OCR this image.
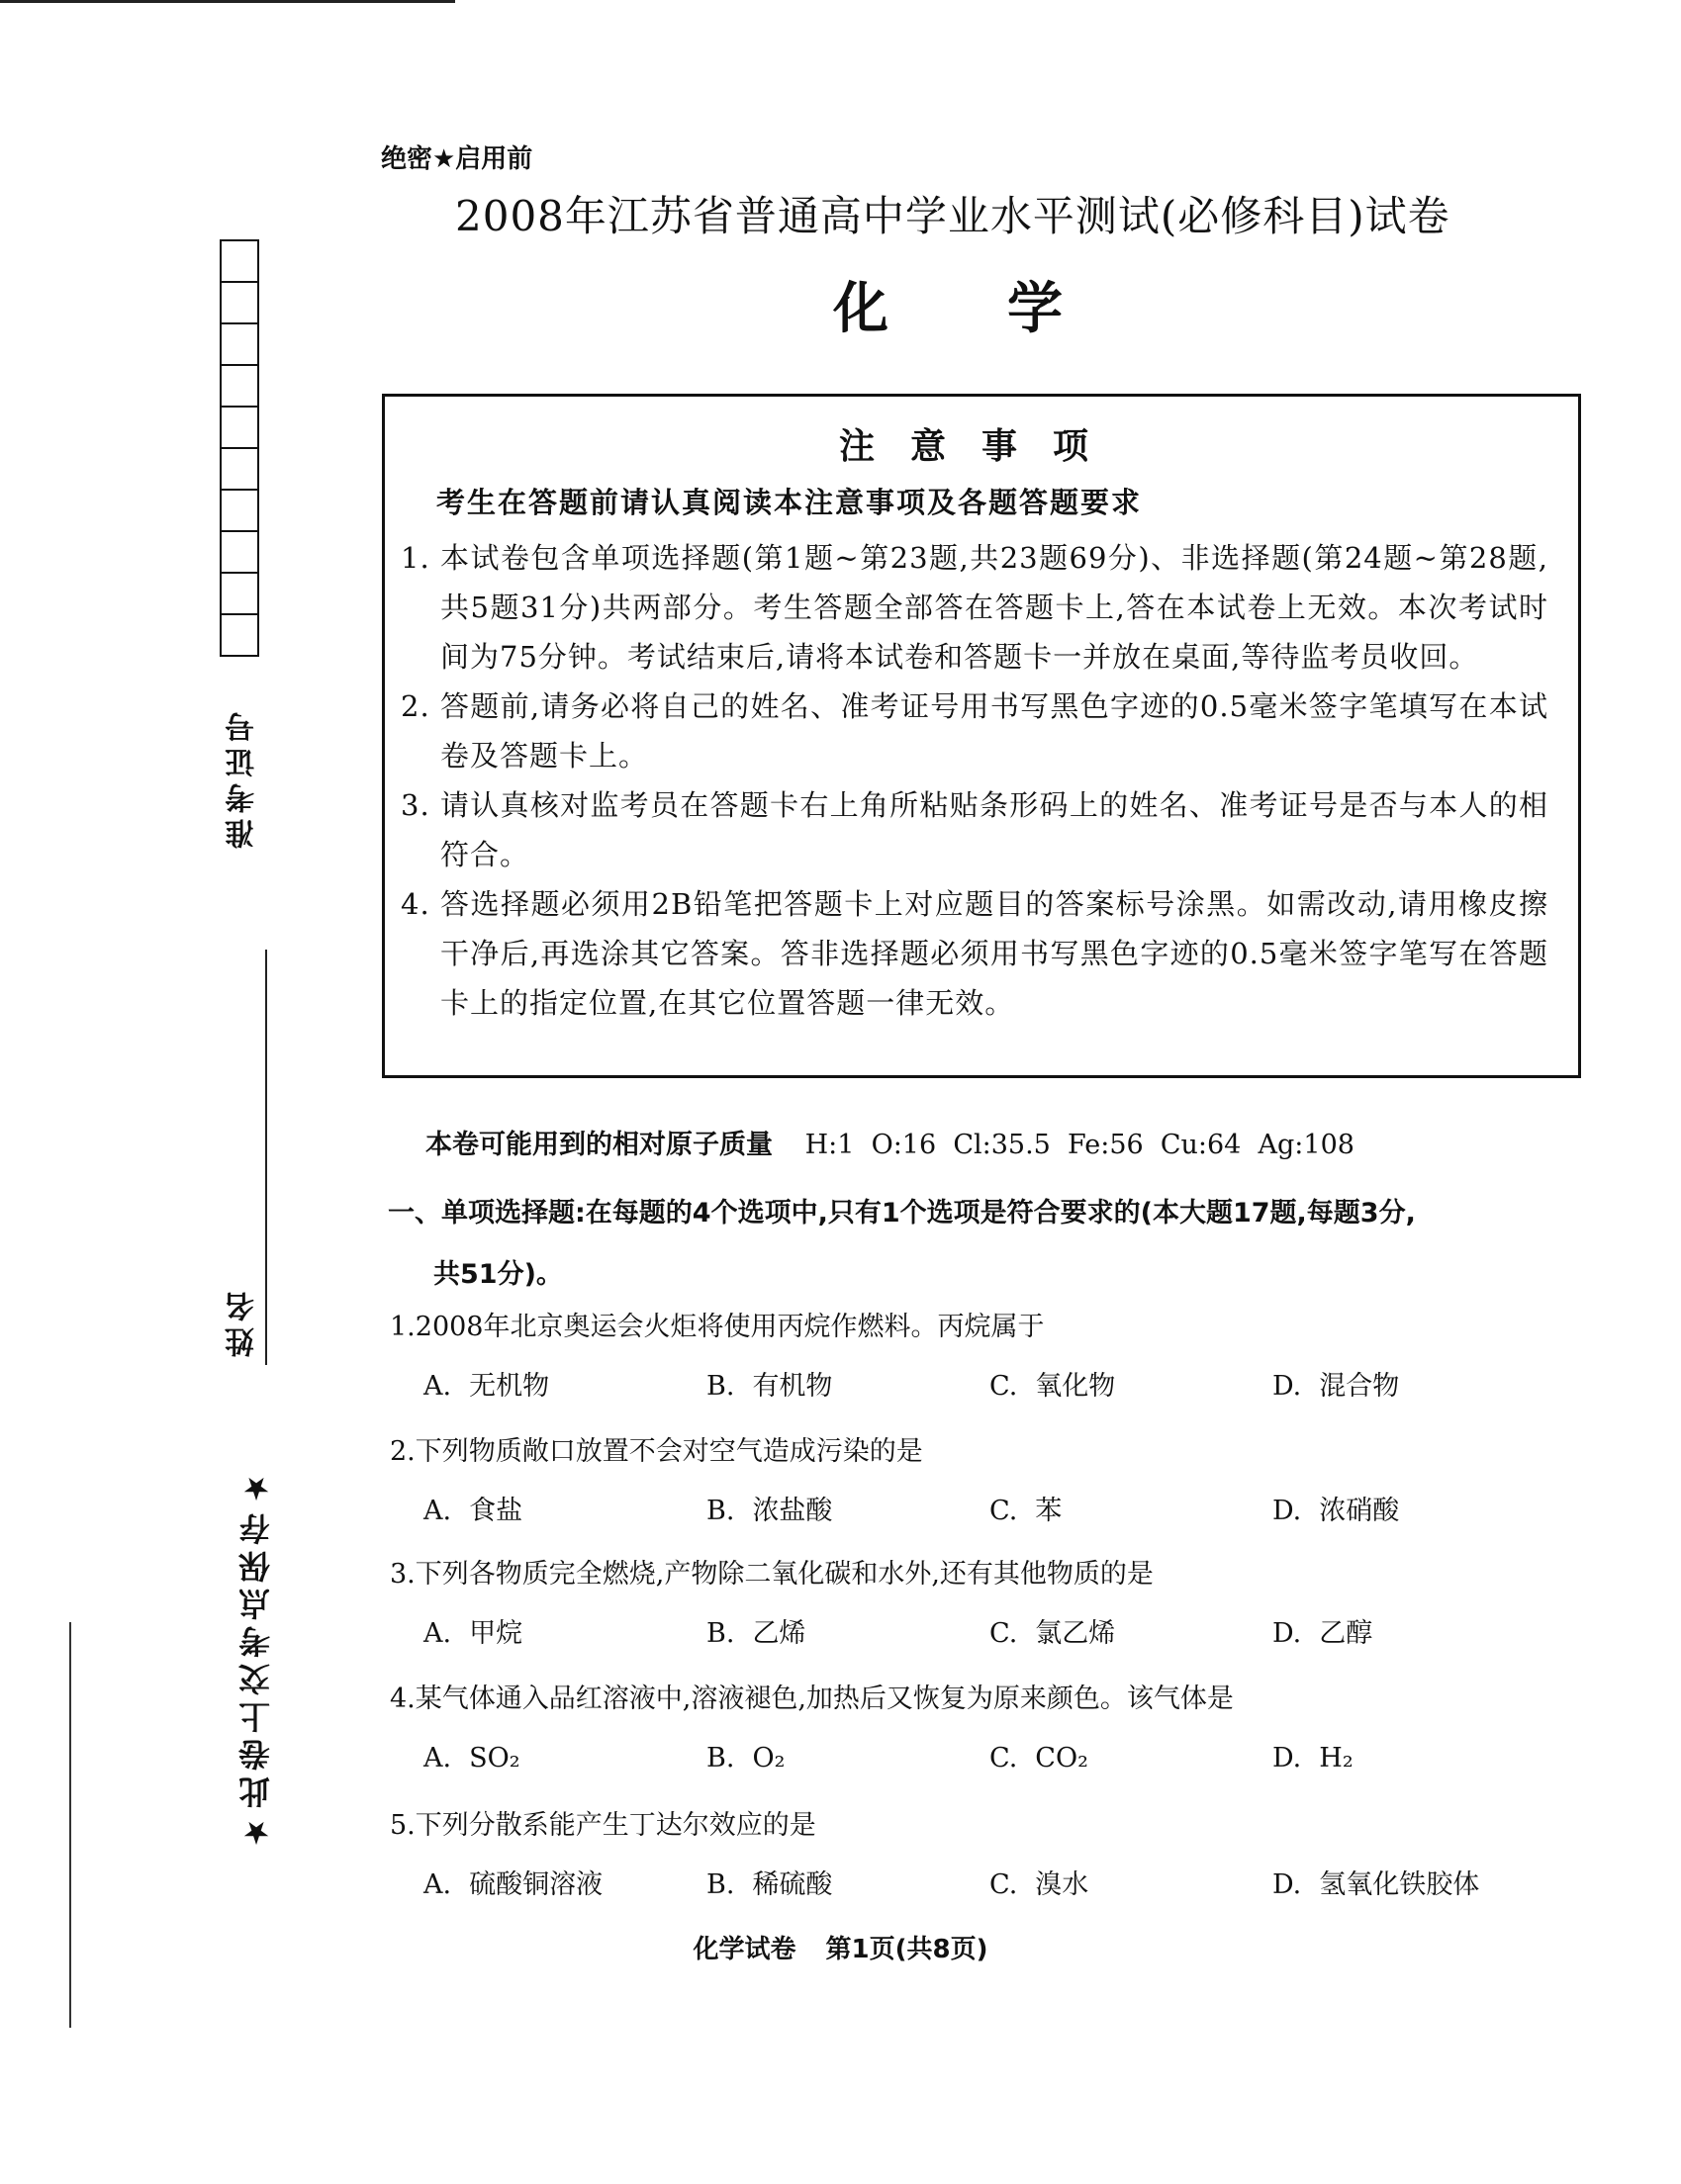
准考证号
姓名
★此卷上交考点保存★
绝密★启用前
2008年江苏省普通高中学业水平测试(必修科目)试卷
化学
注意事项
考生在答题前请认真阅读本注意事项及各题答题要求
1. 本试卷包含单项选择题(第1题~第23题,共23题69分)、非选择题(第24题~第28题,共5题31分)共两部分。考生答题全部答在答题卡上,答在本试卷上无效。本次考试时间为75分钟。考试结束后,请将本试卷和答题卡一并放在桌面,等待监考员收回。
2. 答题前,请务必将自己的姓名、准考证号用书写黑色字迹的0.5毫米签字笔填写在本试卷及答题卡上。
3. 请认真核对监考员在答题卡右上角所粘贴条形码上的姓名、准考证号是否与本人的相符合。
4. 答选择题必须用2B铅笔把答题卡上对应题目的答案标号涂黑。如需改动,请用橡皮擦干净后,再选涂其它答案。答非选择题必须用书写黑色字迹的0.5毫米签字笔写在答题卡上的指定位置,在其它位置答题一律无效。
本卷可能用到的相对原子质量 H:1  O:16  Cl:35.5  Fe:56  Cu:64  Ag:108
一、单项选择题:在每题的4个选项中,只有1个选项是符合要求的(本大题17题,每题3分,
共51分)。
1.2008年北京奥运会火炬将使用丙烷作燃料。丙烷属于
A. 无机物	B. 有机物	C. 氧化物	D. 混合物
2.下列物质敞口放置不会对空气造成污染的是
A. 食盐	B. 浓盐酸	C. 苯	D. 浓硝酸
3.下列各物质完全燃烧,产物除二氧化碳和水外,还有其他物质的是
A. 甲烷	B. 乙烯	C. 氯乙烯	D. 乙醇
4.某气体通入品红溶液中,溶液褪色,加热后又恢复为原来颜色。该气体是
A. SO₂	B. O₂	C. CO₂	D. H₂
5.下列分散系能产生丁达尔效应的是
A. 硫酸铜溶液	B. 稀硫酸	C. 溴水	D. 氢氧化铁胶体
化学试卷 第1页(共8页)
